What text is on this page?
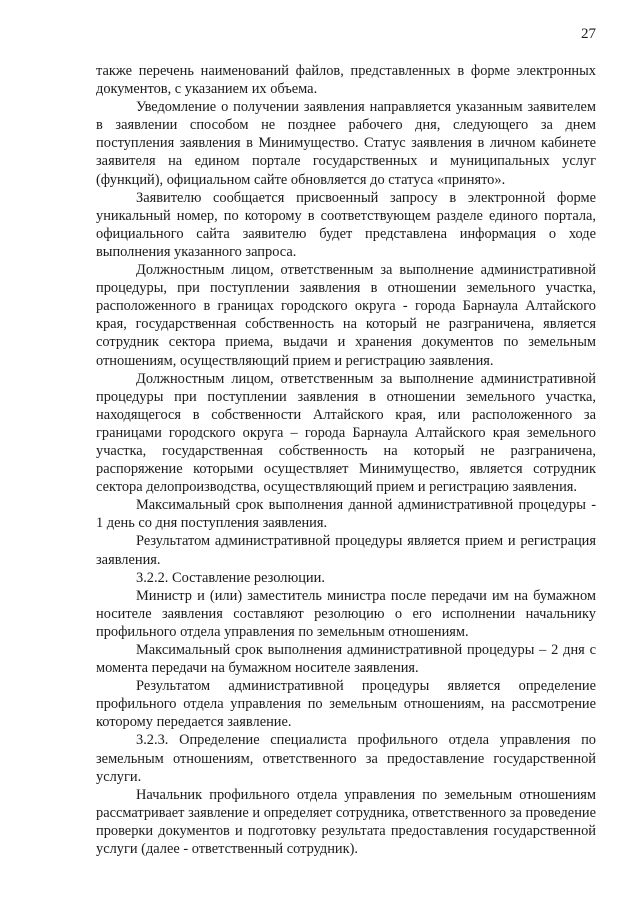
27

также перечень наименований файлов, представленных в форме электронных документов, с указанием их объема.

Уведомление о получении заявления направляется указанным заявителем в заявлении способом не позднее рабочего дня, следующего за днем поступления заявления в Минимущество. Статус заявления в личном кабинете заявителя на едином портале государственных и муниципальных услуг (функций), официальном сайте обновляется до статуса «принято».

Заявителю сообщается присвоенный запросу в электронной форме уникальный номер, по которому в соответствующем разделе единого портала, официального сайта заявителю будет представлена информация о ходе выполнения указанного запроса.

Должностным лицом, ответственным за выполнение административной процедуры, при поступлении заявления в отношении земельного участка, расположенного в границах городского округа - города Барнаула Алтайского края, государственная собственность на который не разграничена, является сотрудник сектора приема, выдачи и хранения документов по земельным отношениям, осуществляющий прием и регистрацию заявления.

Должностным лицом, ответственным за выполнение административной процедуры при поступлении заявления в отношении земельного участка, находящегося в собственности Алтайского края, или расположенного за границами городского округа – города Барнаула Алтайского края земельного участка, государственная собственность на который не разграничена, распоряжение которыми осуществляет Минимущество, является сотрудник сектора делопроизводства, осуществляющий прием и регистрацию заявления.

Максимальный срок выполнения данной административной процедуры - 1 день со дня поступления заявления.

Результатом административной процедуры является прием и регистрация заявления.

3.2.2. Составление резолюции.

Министр и (или) заместитель министра после передачи им на бумажном носителе заявления составляют резолюцию о его исполнении начальнику профильного отдела управления по земельным отношениям.

Максимальный срок выполнения административной процедуры – 2 дня с момента передачи на бумажном носителе заявления.

Результатом административной процедуры является определение профильного отдела управления по земельным отношениям, на рассмотрение которому передается заявление.

3.2.3. Определение специалиста профильного отдела управления по земельным отношениям, ответственного за предоставление государственной услуги.

Начальник профильного отдела управления по земельным отношениям рассматривает заявление и определяет сотрудника, ответственного за проведение проверки документов и подготовку результата предоставления государственной услуги (далее - ответственный сотрудник).
